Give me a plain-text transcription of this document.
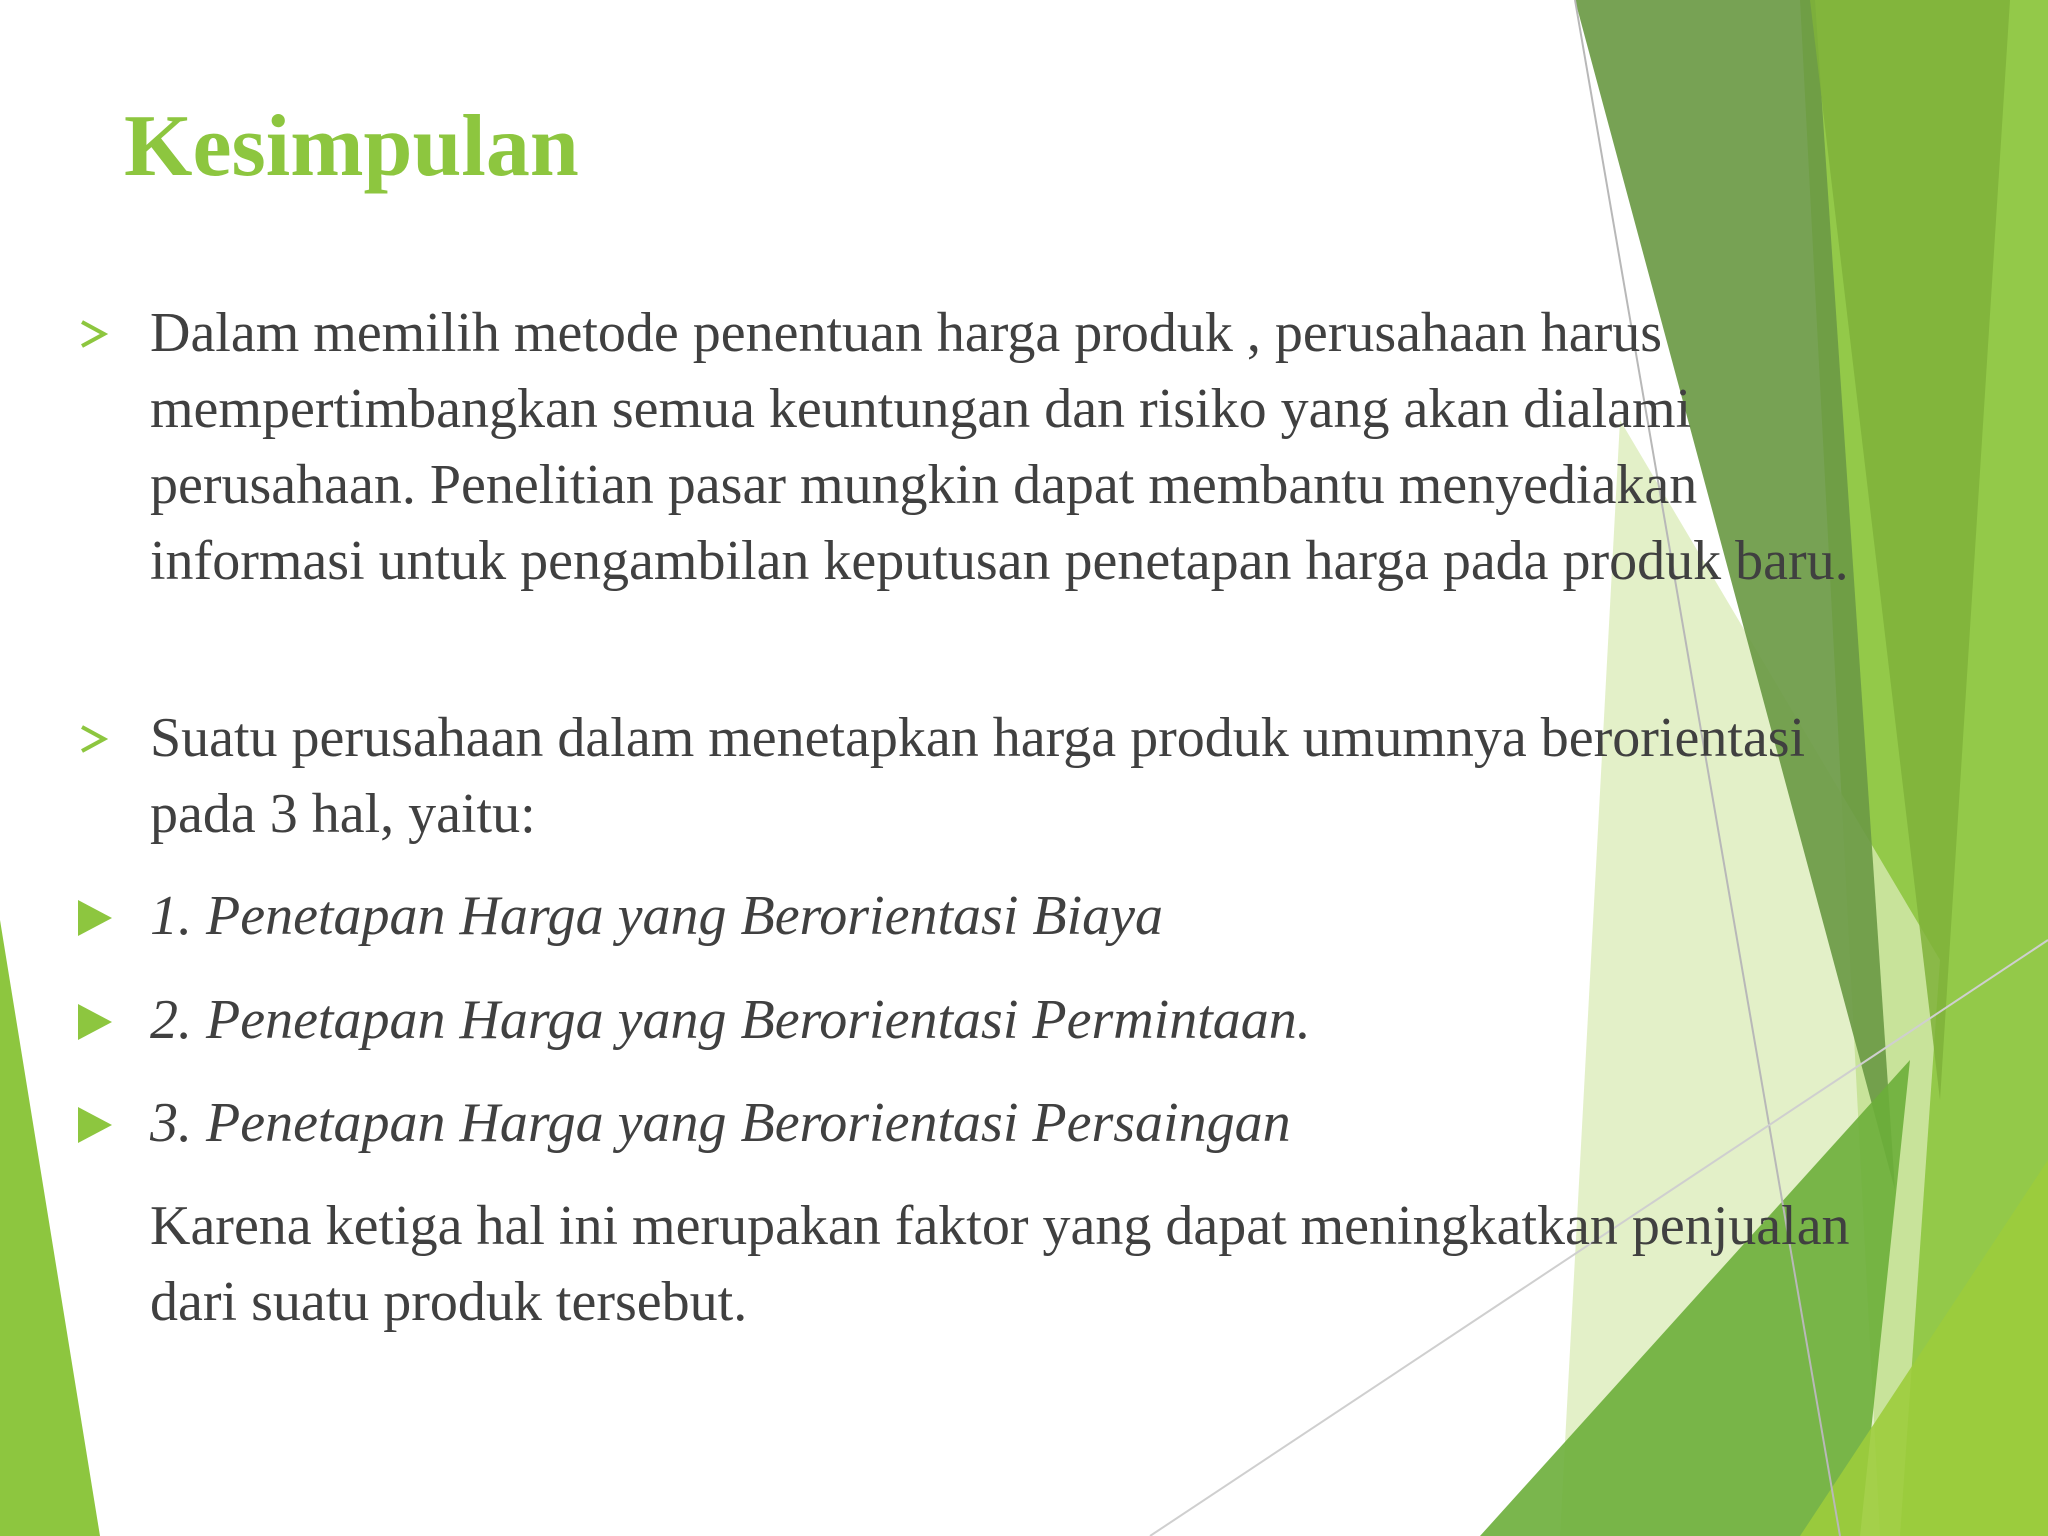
Kesimpulan
Dalam memilih metode penentuan harga produk , perusahaan harus mempertimbangkan semua keuntungan dan risiko yang akan dialami perusahaan. Penelitian pasar mungkin dapat membantu menyediakan informasi untuk pengambilan keputusan penetapan harga pada produk baru.
Suatu perusahaan dalam menetapkan harga produk umumnya berorientasi pada 3 hal, yaitu:
1. Penetapan Harga yang Berorientasi Biaya
2. Penetapan Harga yang Berorientasi Permintaan.
3. Penetapan Harga yang Berorientasi Persaingan
Karena ketiga hal ini merupakan faktor yang dapat meningkatkan penjualan dari suatu produk tersebut.
